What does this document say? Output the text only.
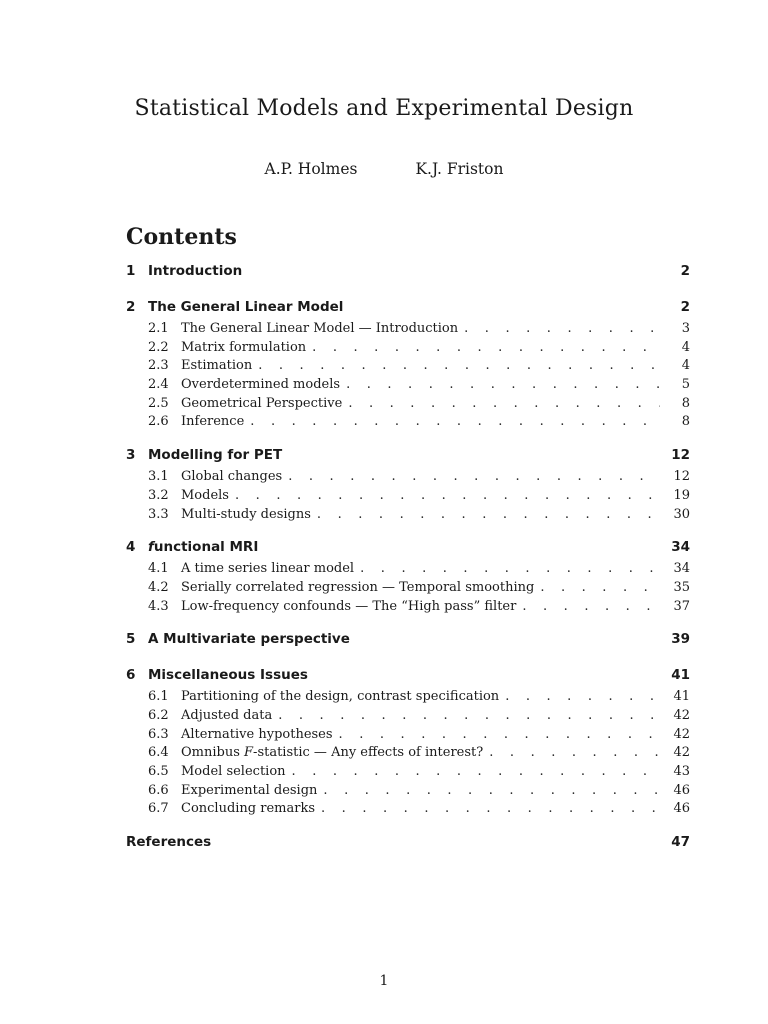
Statistical Models and Experimental Design
A.P. Holmes	K.J. Friston
Contents
1 Introduction	2
2 The General Linear Model	2
2.1 The General Linear Model — Introduction . . .	3
2.2 Matrix formulation . . .	4
2.3 Estimation . . .	4
2.4 Overdetermined models . . .	5
2.5 Geometrical Perspective . . .	8
2.6 Inference . . .	8
3 Modelling for PET	12
3.1 Global changes . . .	12
3.2 Models . . .	19
3.3 Multi-study designs . . .	30
4 functional MRI	34
4.1 A time series linear model . . .	34
4.2 Serially correlated regression — Temporal smoothing . . .	35
4.3 Low-frequency confounds — The “High pass” filter . . .	37
5 A Multivariate perspective	39
6 Miscellaneous Issues	41
6.1 Partitioning of the design, contrast specification . . .	41
6.2 Adjusted data . . .	42
6.3 Alternative hypotheses . . .	42
6.4 Omnibus F-statistic — Any effects of interest? . . .	42
6.5 Model selection . . .	43
6.6 Experimental design . . .	46
6.7 Concluding remarks . . .	46
References	47
1
